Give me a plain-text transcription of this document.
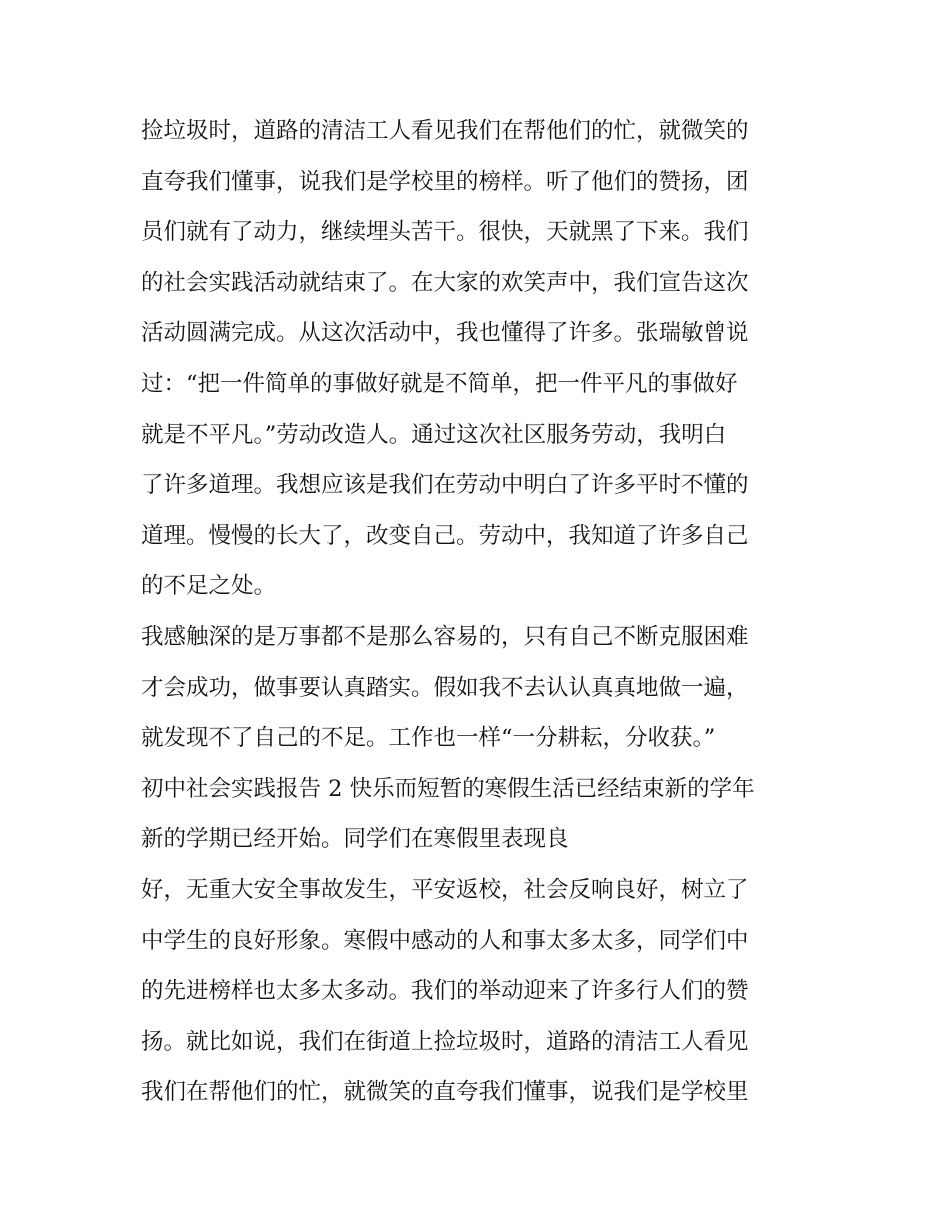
捡垃圾时，道路的清洁工人看见我们在帮他们的忙，就微笑的
直夸我们懂事，说我们是学校里的榜样。听了他们的赞扬，团
员们就有了动力，继续埋头苦干。很快，天就黑了下来。我们
的社会实践活动就结束了。在大家的欢笑声中，我们宣告这次
活动圆满完成。从这次活动中，我也懂得了许多。张瑞敏曾说
过：“把一件简单的事做好就是不简单，把一件平凡的事做好
就是不平凡。”劳动改造人。通过这次社区服务劳动，我明白
了许多道理。我想应该是我们在劳动中明白了许多平时不懂的
道理。慢慢的长大了，改变自己。劳动中，我知道了许多自己
的不足之处。
我感触深的是万事都不是那么容易的，只有自己不断克服困难
才会成功，做事要认真踏实。假如我不去认认真真地做一遍，
就发现不了自己的不足。工作也一样“一分耕耘，分收获。”
初中社会实践报告 2 快乐而短暂的寒假生活已经结束新的学年
新的学期已经开始。同学们在寒假里表现良
好，无重大安全事故发生，平安返校，社会反响良好，树立了
中学生的良好形象。寒假中感动的人和事太多太多，同学们中
的先进榜样也太多太多动。我们的举动迎来了许多行人们的赞
扬。就比如说，我们在街道上捡垃圾时，道路的清洁工人看见
我们在帮他们的忙，就微笑的直夸我们懂事，说我们是学校里
